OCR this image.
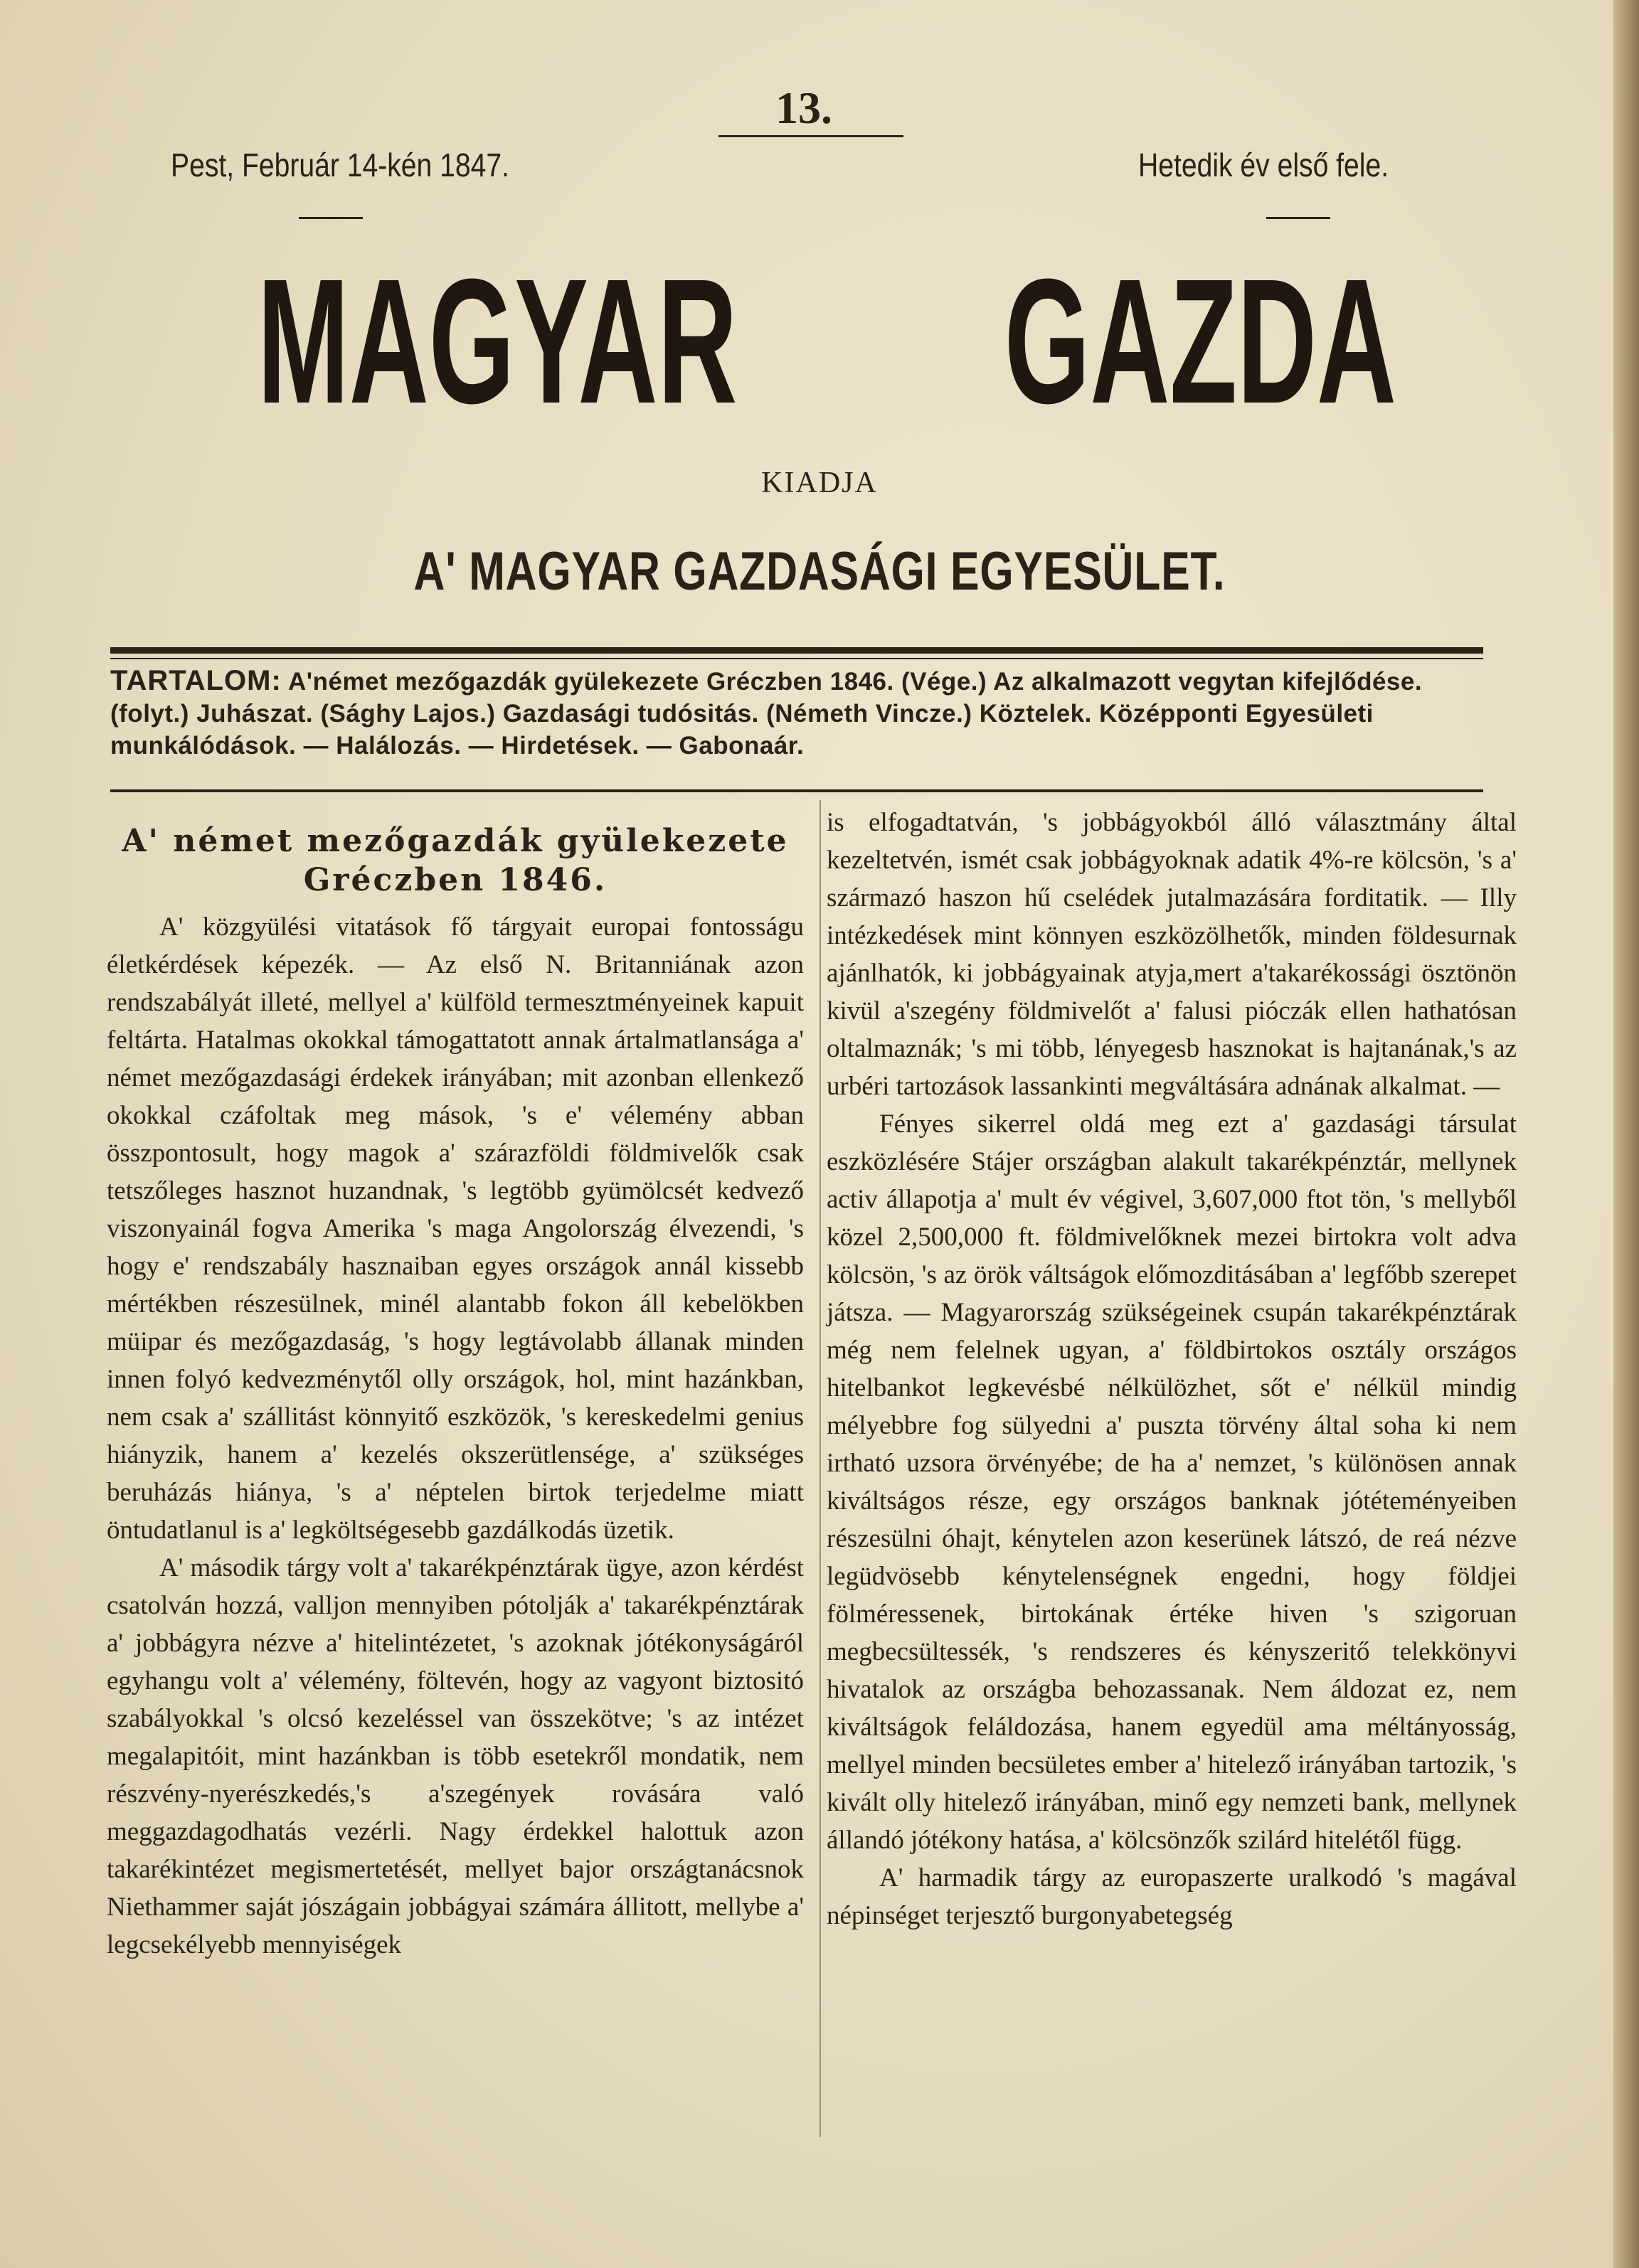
13.
Pest, Február 14-kén 1847.	Hetedik év első fele.
MAGYAR GAZDA
KIADJA
A' MAGYAR GAZDASÁGI EGYESÜLET.
TARTALOM: A'német mezőgazdák gyülekezete Gréczben 1846. (Vége.) Az alkalmazott vegytan kifejlődése. (folyt.) Juhászat. (Sághy Lajos.) Gazdasági tudósitás. (Németh Vincze.) Köztelek. Középponti Egyesületi munkálódások. — Halálozás. — Hirdetések. — Gabonaár.
A' német mezőgazdák gyülekezete Gréczben 1846.

A' közgyülési vitatások fő tárgyait europai fontosságu életkérdések képezék. — Az első N. Britanniának azon rendszabályát illeté, mellyel a' külföld termesztményeinek kapuit feltárta. Hatalmas okokkal támogattatott annak ártalmatlansága a' német mezőgazdasági érdekek irányában; mit azonban ellenkező okokkal czáfoltak meg mások, 's e' vélemény abban összpontosult, hogy magok a' szárazföldi földmivelők csak tetszőleges hasznot huzandnak, 's legtöbb gyümölcsét kedvező viszonyainál fogva Amerika 's maga Angolország élvezendi, 's hogy e' rendszabály hasznaiban egyes országok annál kissebb mértékben részesülnek, minél alantabb fokon áll kebelökben müipar és mezőgazdaság, 's hogy legtávolabb állanak minden innen folyó kedvezménytől olly országok, hol, mint hazánkban, nem csak a' szállitást könnyitő eszközök, 's kereskedelmi genius hiányzik, hanem a' kezelés okszerütlensége, a' szükséges beruházás hiánya, 's a' néptelen birtok terjedelme miatt öntudatlanul is a' legköltségesebb gazdálkodás üzetik.

A' második tárgy volt a' takarékpénztárak ügye, azon kérdést csatolván hozzá, valljon mennyiben pótolják a' takarékpénztárak a' jobbágyra nézve a' hitelintézetet, 's azoknak jótékonyságáról egyhangu volt a' vélemény, föltevén, hogy az vagyont biztositó szabályokkal 's olcsó kezeléssel van összekötve; 's az intézet megalapitóit, mint hazánkban is több esetekről mondatik, nem részvény-nyerészkedés,'s a'szegények rovására való meggazdagodhatás vezérli. Nagy érdekkel halottuk azon takarékintézet megismertetését, mellyet bajor országtanácsnok Niethammer saját jószágain jobbágyai számára állitott, mellybe a' legcsekélyebb mennyiségek

is elfogadtatván, 's jobbágyokból álló választmány által kezeltetvén, ismét csak jobbágyoknak adatik 4%-re kölcsön, 's a' származó haszon hű cselédek jutalmazására forditatik. — Illy intézkedések mint könnyen eszközölhetők, minden földesurnak ajánlhatók, ki jobbágyainak atyja,mert a'takarékossági ösztönön kivül a'szegény földmivelőt a' falusi pióczák ellen hathatósan oltalmaznák; 's mi több, lényegesb hasznokat is hajtanának,'s az urbéri tartozások lassankinti megváltására adnának alkalmat. —

Fényes sikerrel oldá meg ezt a' gazdasági társulat eszközlésére Stájer országban alakult takarékpénztár, mellynek activ állapotja a' mult év végivel, 3,607,000 ftot tön, 's mellyből közel 2,500,000 ft. földmivelőknek mezei birtokra volt adva kölcsön, 's az örök váltságok előmozditásában a' legfőbb szerepet játsza. — Magyarország szükségeinek csupán takarékpénztárak még nem felelnek ugyan, a' földbirtokos osztály országos hitelbankot legkevésbé nélkülözhet, sőt e' nélkül mindig mélyebbre fog sülyedni a' puszta törvény által soha ki nem irtható uzsora örvényébe; de ha a' nemzet, 's különösen annak kiváltságos része, egy országos banknak jótéteményeiben részesülni óhajt, kénytelen azon keserünek látszó, de reá nézve legüdvösebb kénytelenségnek engedni, hogy földjei fölméressenek, birtokának értéke hiven 's szigoruan megbecsültessék, 's rendszeres és kényszeritő telekkönyvi hivatalok az országba behozassanak. Nem áldozat ez, nem kiváltságok feláldozása, hanem egyedül ama méltányosság, mellyel minden becsületes ember a' hitelező irányában tartozik, 's kivált olly hitelező irányában, minő egy nemzeti bank, mellynek állandó jótékony hatása, a' kölcsönzők szilárd hitelétől függ.

A' harmadik tárgy az europaszerte uralkodó 's magával népinséget terjesztő burgonyabetegség
